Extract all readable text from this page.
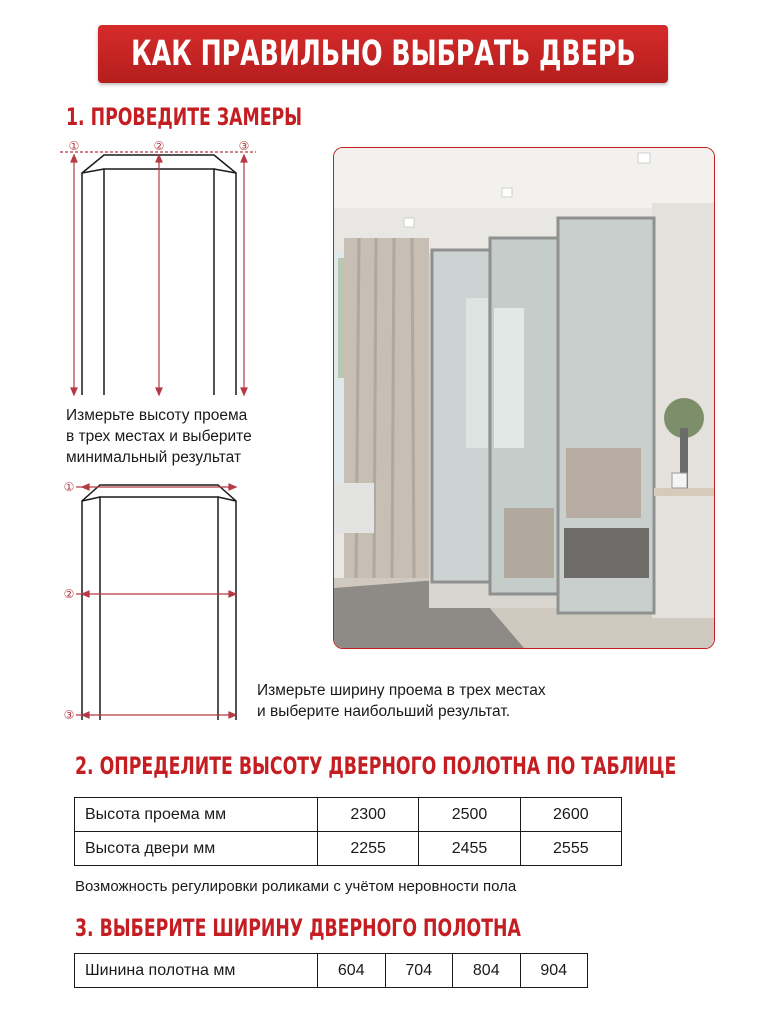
КАК ПРАВИЛЬНО ВЫБРАТЬ ДВЕРЬ
1. ПРОВЕДИТЕ ЗАМЕРЫ
①	②	③
Измерьте высоту проема
в трех местах и выберите
минимальный результат
①
②
③
Измерьте ширину проема в трех местах
и выберите наибольший результат.
2. ОПРЕДЕЛИТЕ ВЫСОТУ ДВЕРНОГО ПОЛОТНА ПО ТАБЛИЦЕ
Высота проема мм	2300	2500	2600
Высота двери мм	2255	2455	2555
Возможность регулировки роликами с учётом неровности пола
3. ВЫБЕРИТЕ ШИРИНУ ДВЕРНОГО ПОЛОТНА
Шинина полотна мм	604	704	804	904
